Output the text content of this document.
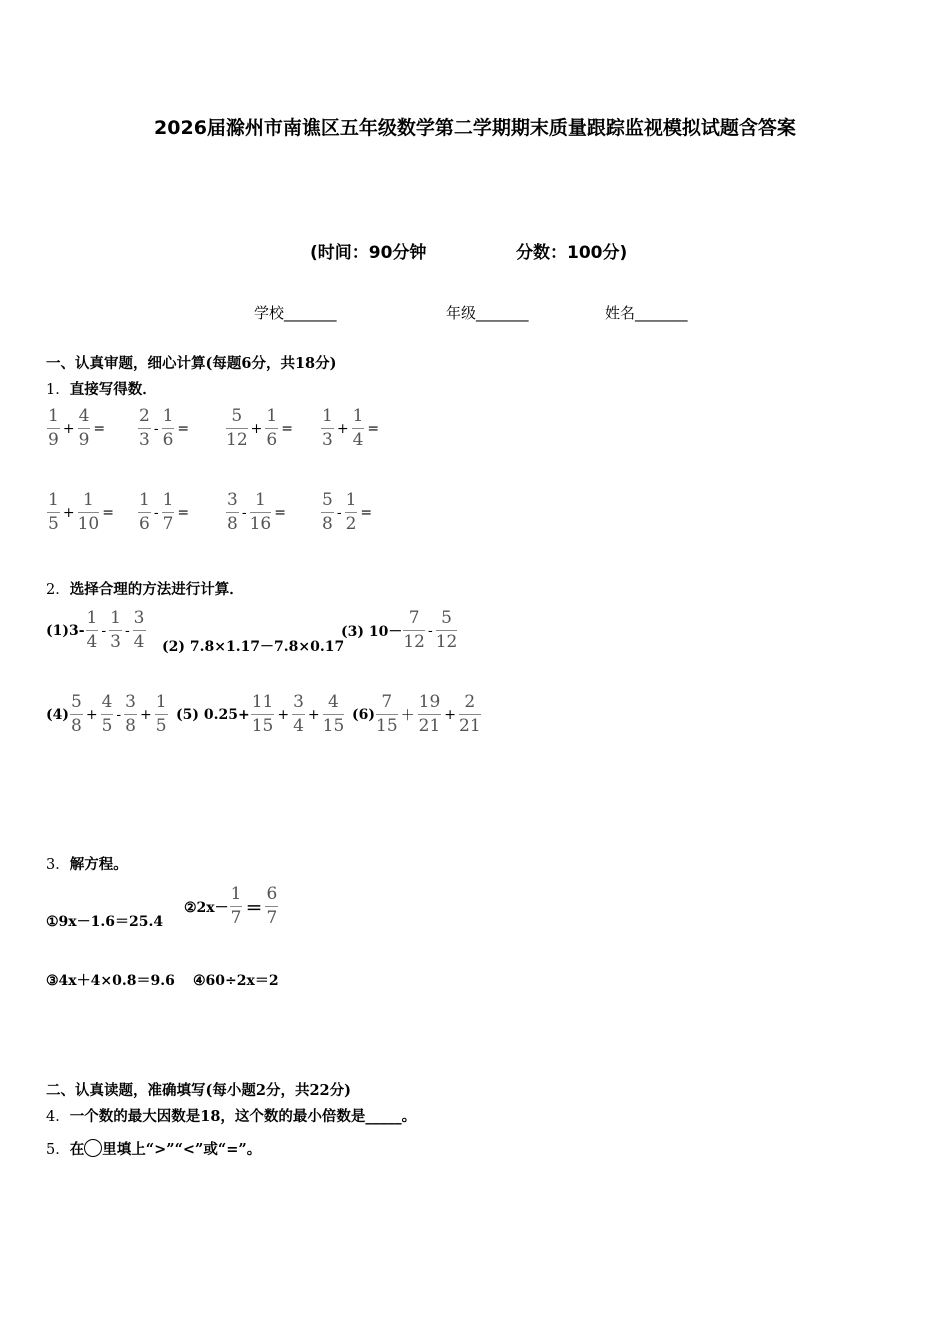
2026届滁州市南谯区五年级数学第二学期期末质量跟踪监视模拟试题含答案
(时间：90分钟	分数：100分)
学校_______	年级_______	姓名_______
一、认真审题，细心计算(每题6分，共18分)
1．直接写得数．
$\frac{1}{9} + \frac{4}{9} = \frac{2}{3} - \frac{1}{6} = \frac{5}{12} + \frac{1}{6} = \frac{1}{3} + \frac{1}{4}$ =
$\frac{1}{5} + \frac{1}{10} = \frac{1}{6} - \frac{1}{7} = \frac{3}{8} - \frac{1}{16} = \frac{5}{8} - \frac{1}{2}$ =
2．选择合理的方法进行计算．
$(1)3- \frac{1}{4} - \frac{1}{3} - \frac{3}{4} (2)$ 7.8×1.17－7.8×0.17
(3) $10- \frac{7}{12} - \frac{5}{12}$
$(4) \frac{5}{8} + \frac{4}{5} - \frac{3}{8} + \frac{1}{5} (5)$ $0.25+ \frac{11}{15} + \frac{3}{4} + \frac{4}{15} (6) \frac{7}{15} + \frac{19}{21} + \frac{2}{21}$
3．解方程。
①9x－1.6＝25.4
②2x－ $\frac{1}{7} = \frac{6}{7}$
③4x＋4×0.8＝9.6 ④60÷2x＝2
二、认真读题，准确填写(每小题2分，共22分)
4．一个数的最大因数是18，这个数的最小倍数是_____。
5．在 里填上“>”“<”或“=”。
